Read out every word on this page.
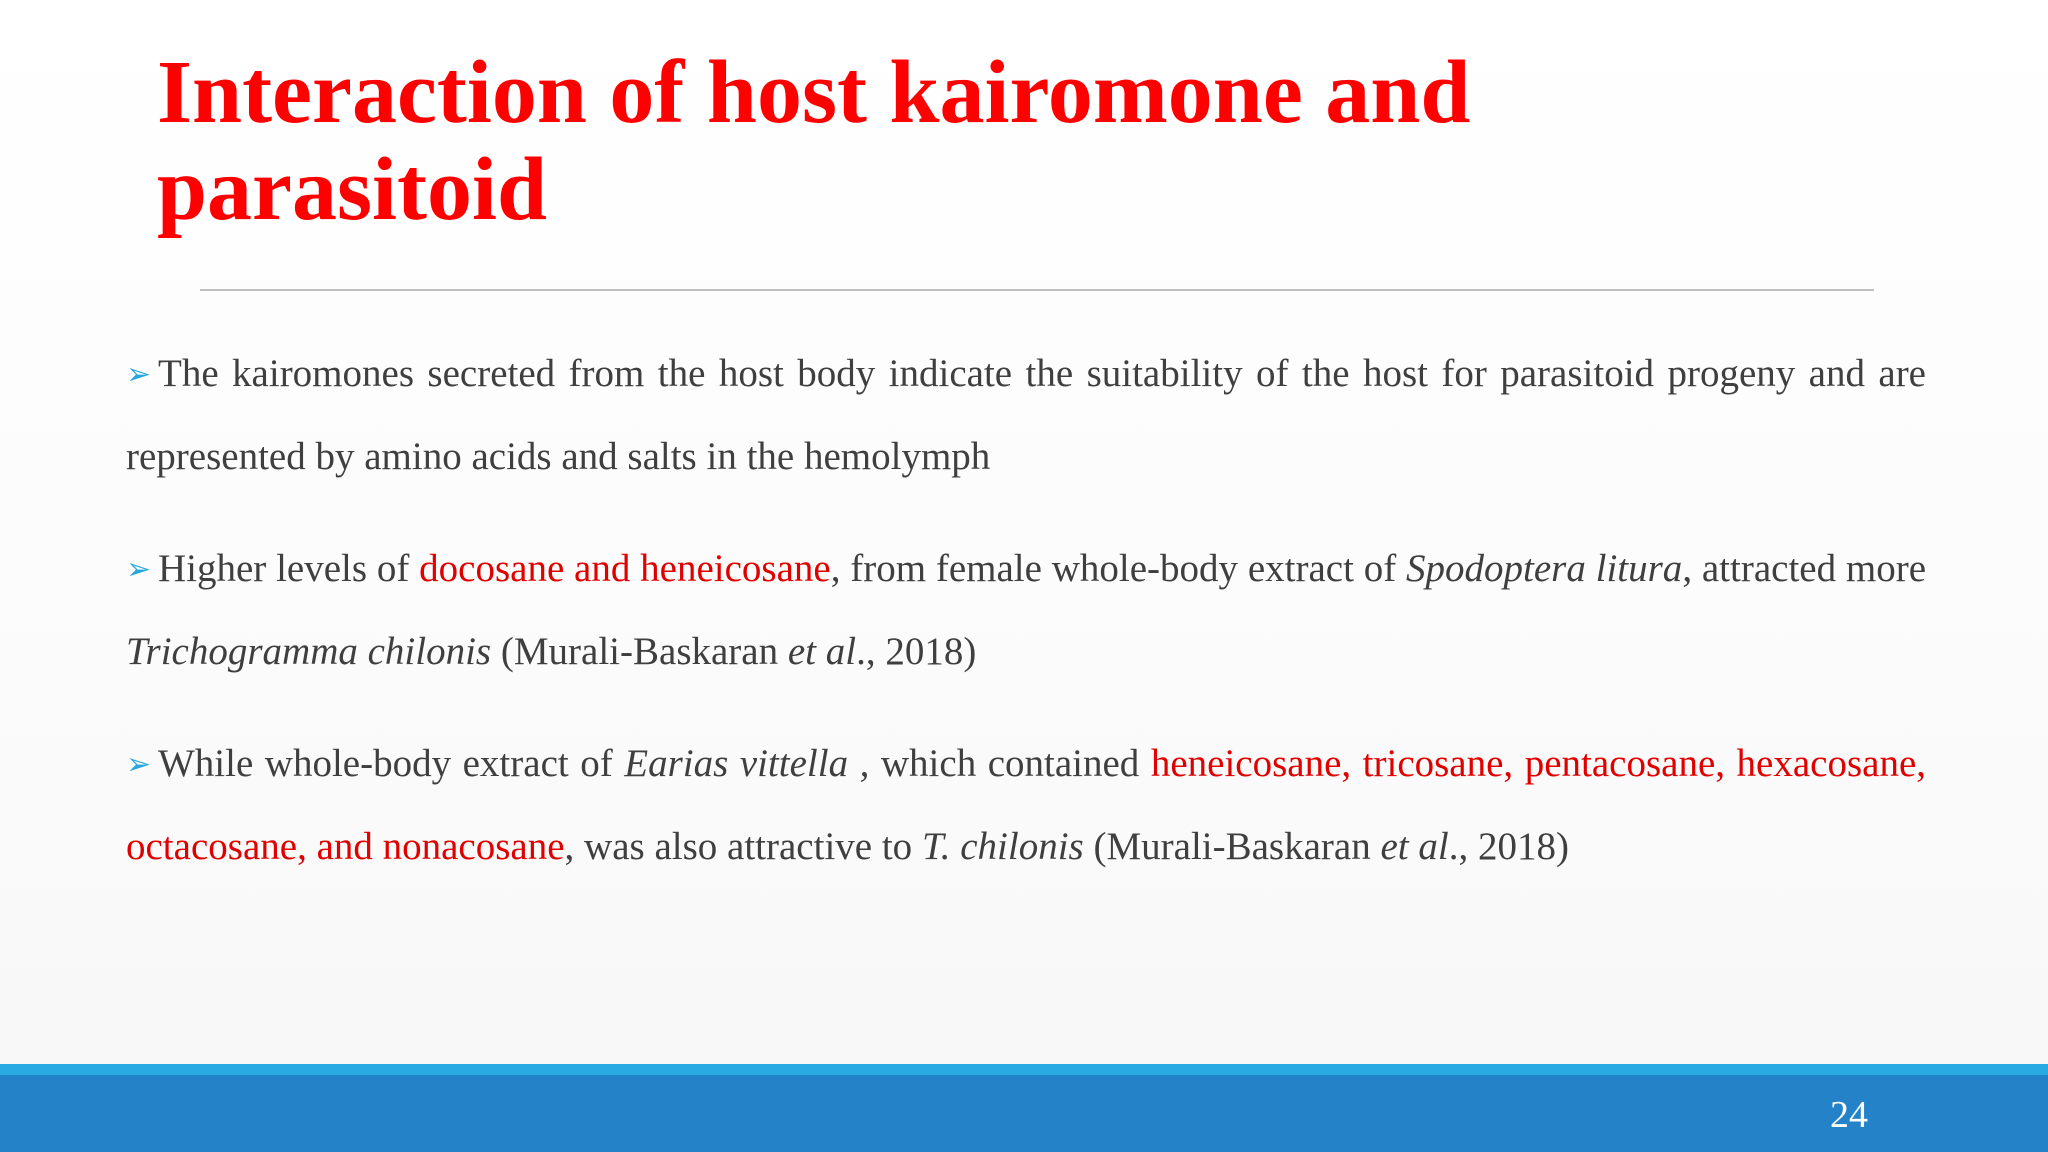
Interaction of host kairomone and parasitoid

➢ The kairomones secreted from the host body indicate the suitability of the host for parasitoid progeny and are represented by amino acids and salts in the hemolymph

➢ Higher levels of docosane and heneicosane, from female whole-body extract of Spodoptera litura, attracted more Trichogramma chilonis (Murali-Baskaran et al., 2018)

➢ While whole-body extract of Earias vittella , which contained heneicosane, tricosane, pentacosane, hexacosane, octacosane, and nonacosane, was also attractive to T. chilonis (Murali-Baskaran et al., 2018)

24
